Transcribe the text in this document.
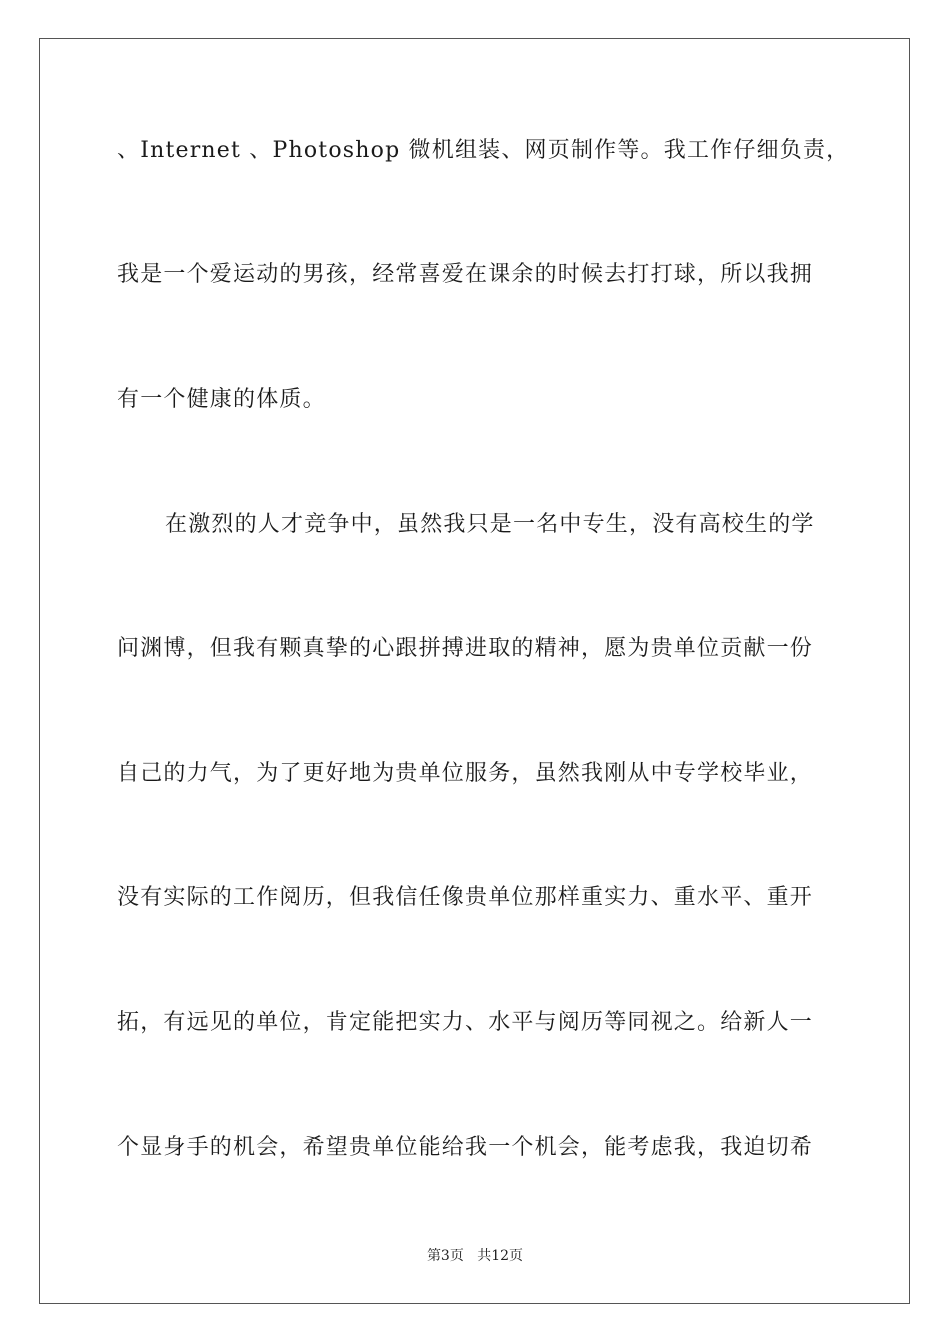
、Internet 、Photoshop 微机组装、网页制作等。我工作仔细负责，
我是一个爱运动的男孩，经常喜爱在课余的时候去打打球，所以我拥
有一个健康的体质。
在激烈的人才竞争中，虽然我只是一名中专生，没有高校生的学
问渊博，但我有颗真挚的心跟拼搏进取的精神，愿为贵单位贡献一份
自己的力气，为了更好地为贵单位服务，虽然我刚从中专学校毕业，
没有实际的工作阅历，但我信任像贵单位那样重实力、重水平、重开
拓，有远见的单位，肯定能把实力、水平与阅历等同视之。给新人一
个显身手的机会，希望贵单位能给我一个机会，能考虑我，我迫切希
第3页 共12页
